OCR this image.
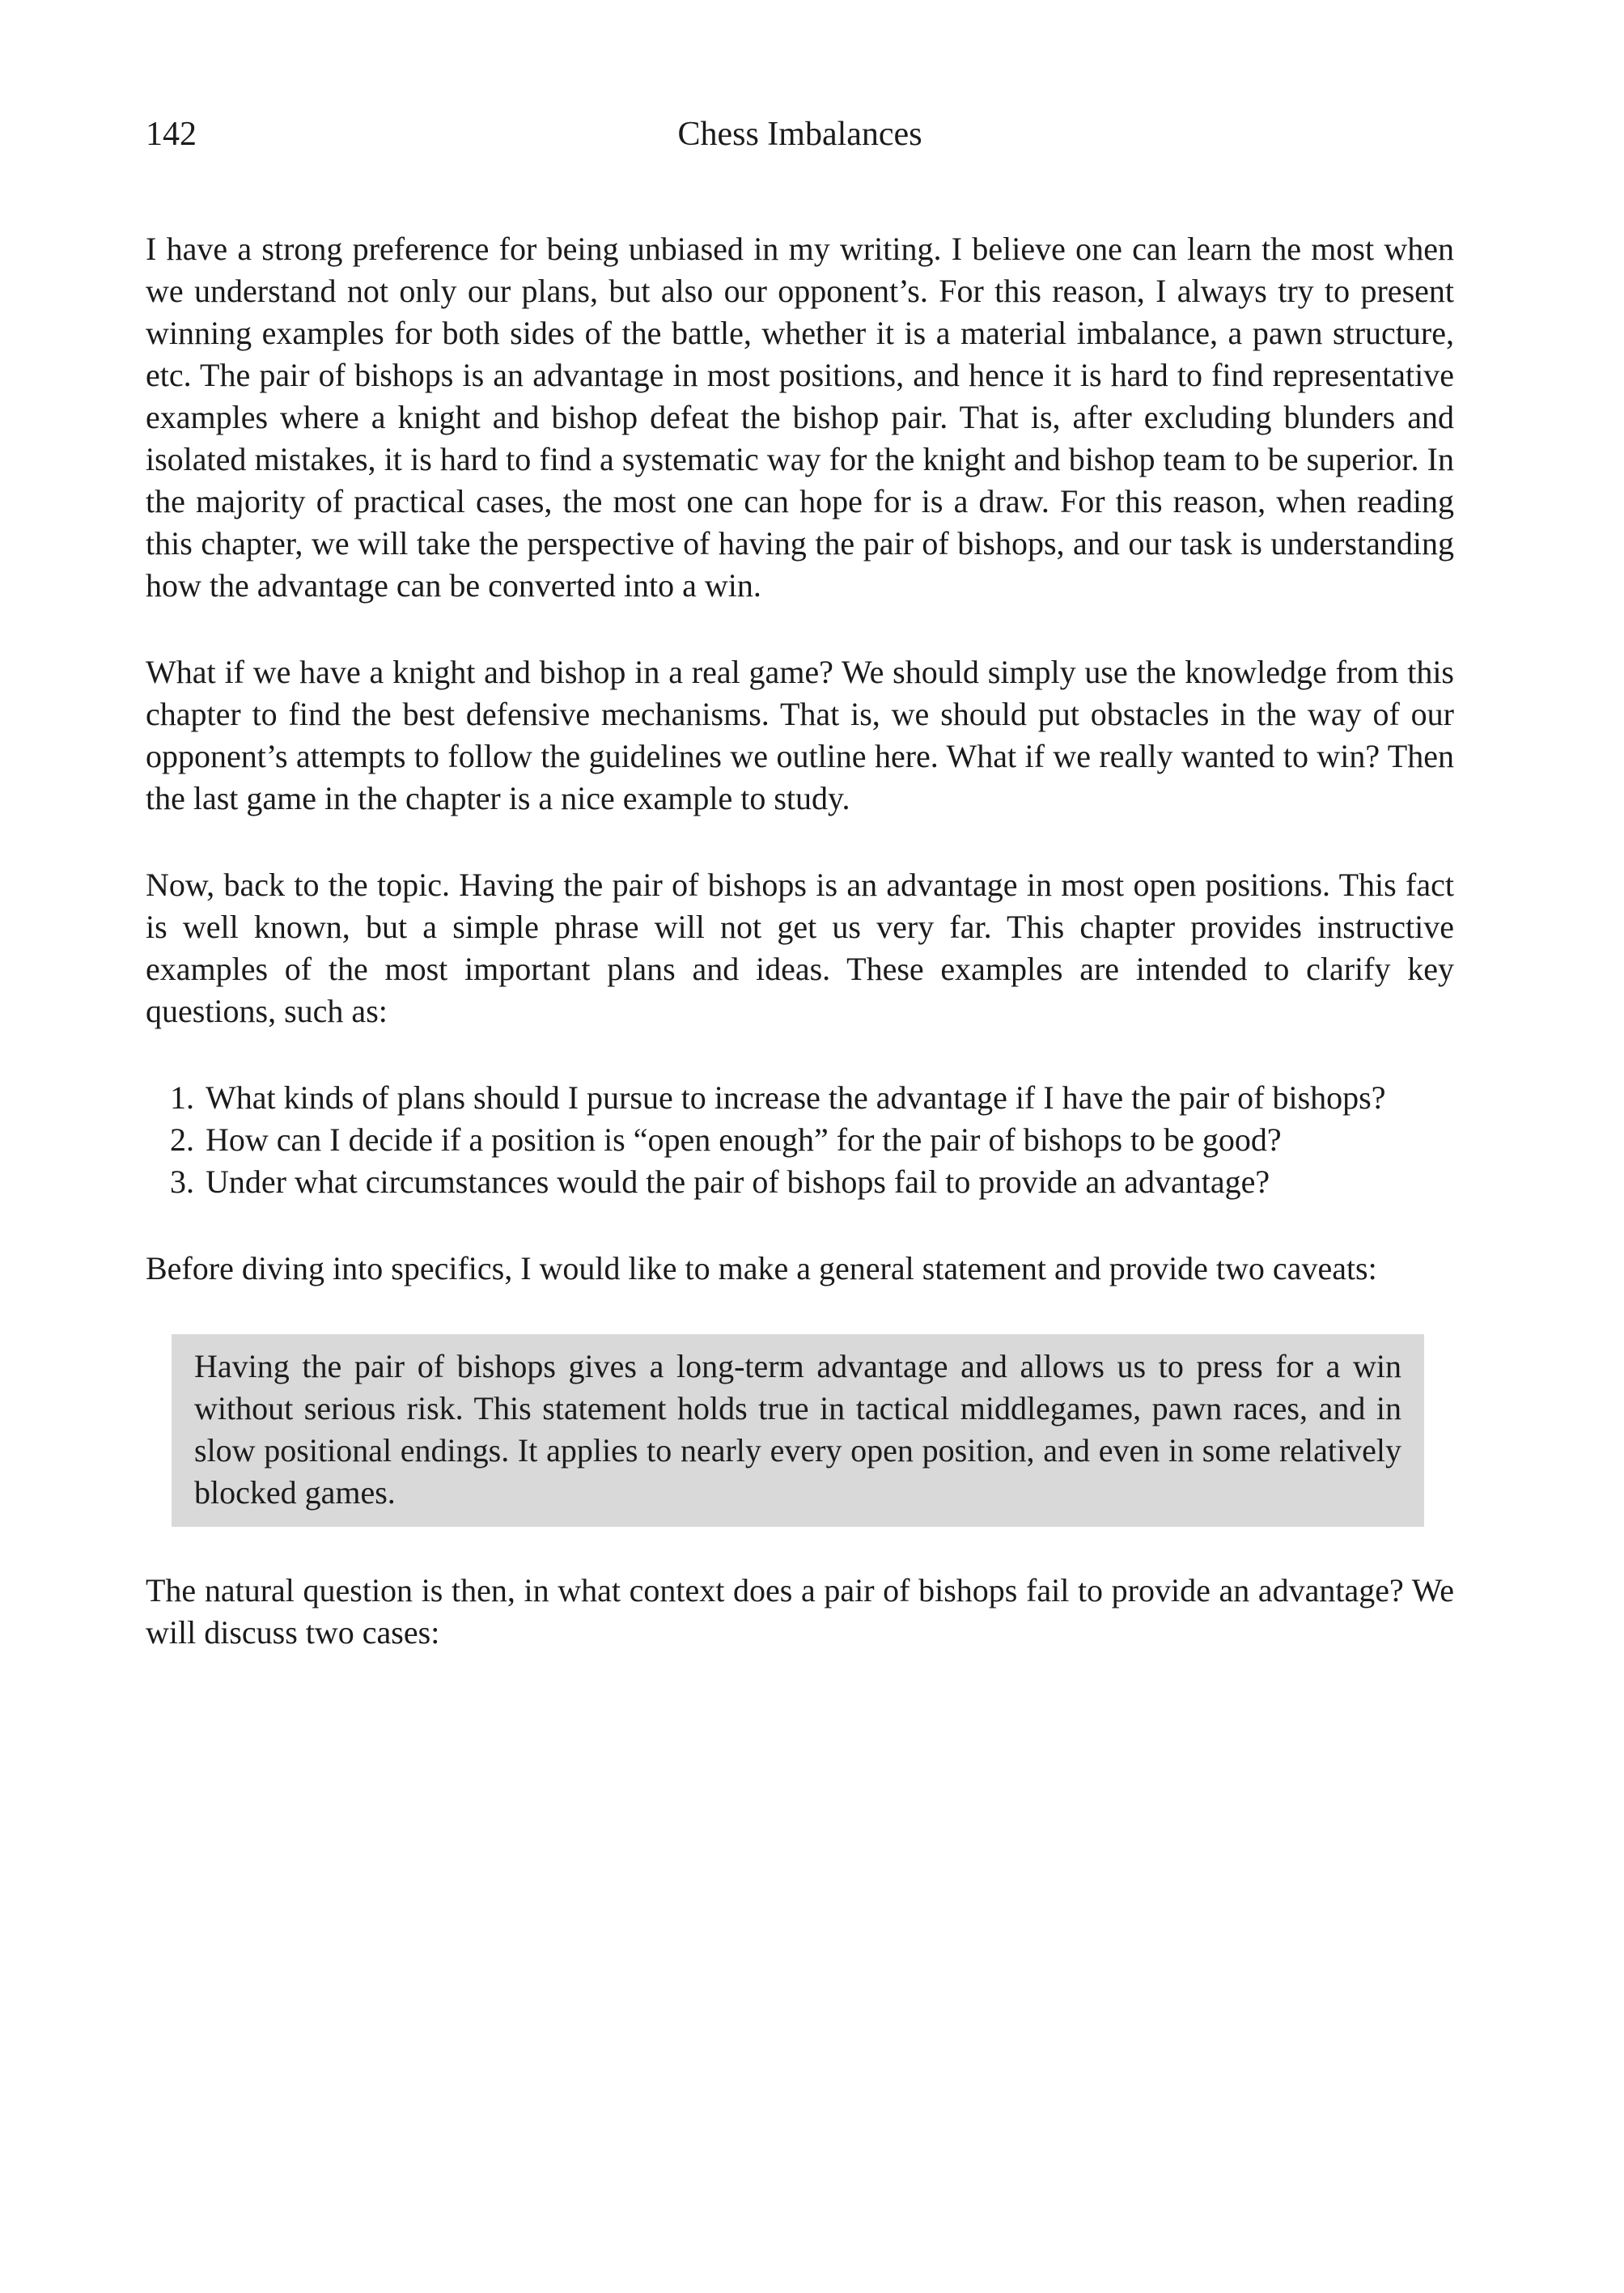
142	Chess Imbalances

I have a strong preference for being unbiased in my writing. I believe one can learn the most when we understand not only our plans, but also our opponent’s. For this reason, I always try to present winning examples for both sides of the battle, whether it is a material imbalance, a pawn structure, etc. The pair of bishops is an advantage in most positions, and hence it is hard to find representative examples where a knight and bishop defeat the bishop pair. That is, after excluding blunders and isolated mistakes, it is hard to find a systematic way for the knight and bishop team to be superior. In the majority of practical cases, the most one can hope for is a draw. For this reason, when reading this chapter, we will take the perspective of having the pair of bishops, and our task is understanding how the advantage can be converted into a win.

What if we have a knight and bishop in a real game? We should simply use the knowledge from this chapter to find the best defensive mechanisms. That is, we should put obstacles in the way of our opponent’s attempts to follow the guidelines we outline here. What if we really wanted to win? Then the last game in the chapter is a nice example to study.

Now, back to the topic. Having the pair of bishops is an advantage in most open positions. This fact is well known, but a simple phrase will not get us very far. This chapter provides instructive examples of the most important plans and ideas. These examples are intended to clarify key questions, such as:

1. What kinds of plans should I pursue to increase the advantage if I have the pair of bishops?
2. How can I decide if a position is “open enough” for the pair of bishops to be good?
3. Under what circumstances would the pair of bishops fail to provide an advantage?

Before diving into specifics, I would like to make a general statement and provide two caveats:

Having the pair of bishops gives a long-term advantage and allows us to press for a win without serious risk. This statement holds true in tactical middlegames, pawn races, and in slow positional endings. It applies to nearly every open position, and even in some relatively blocked games.

The natural question is then, in what context does a pair of bishops fail to provide an advantage? We will discuss two cases:
